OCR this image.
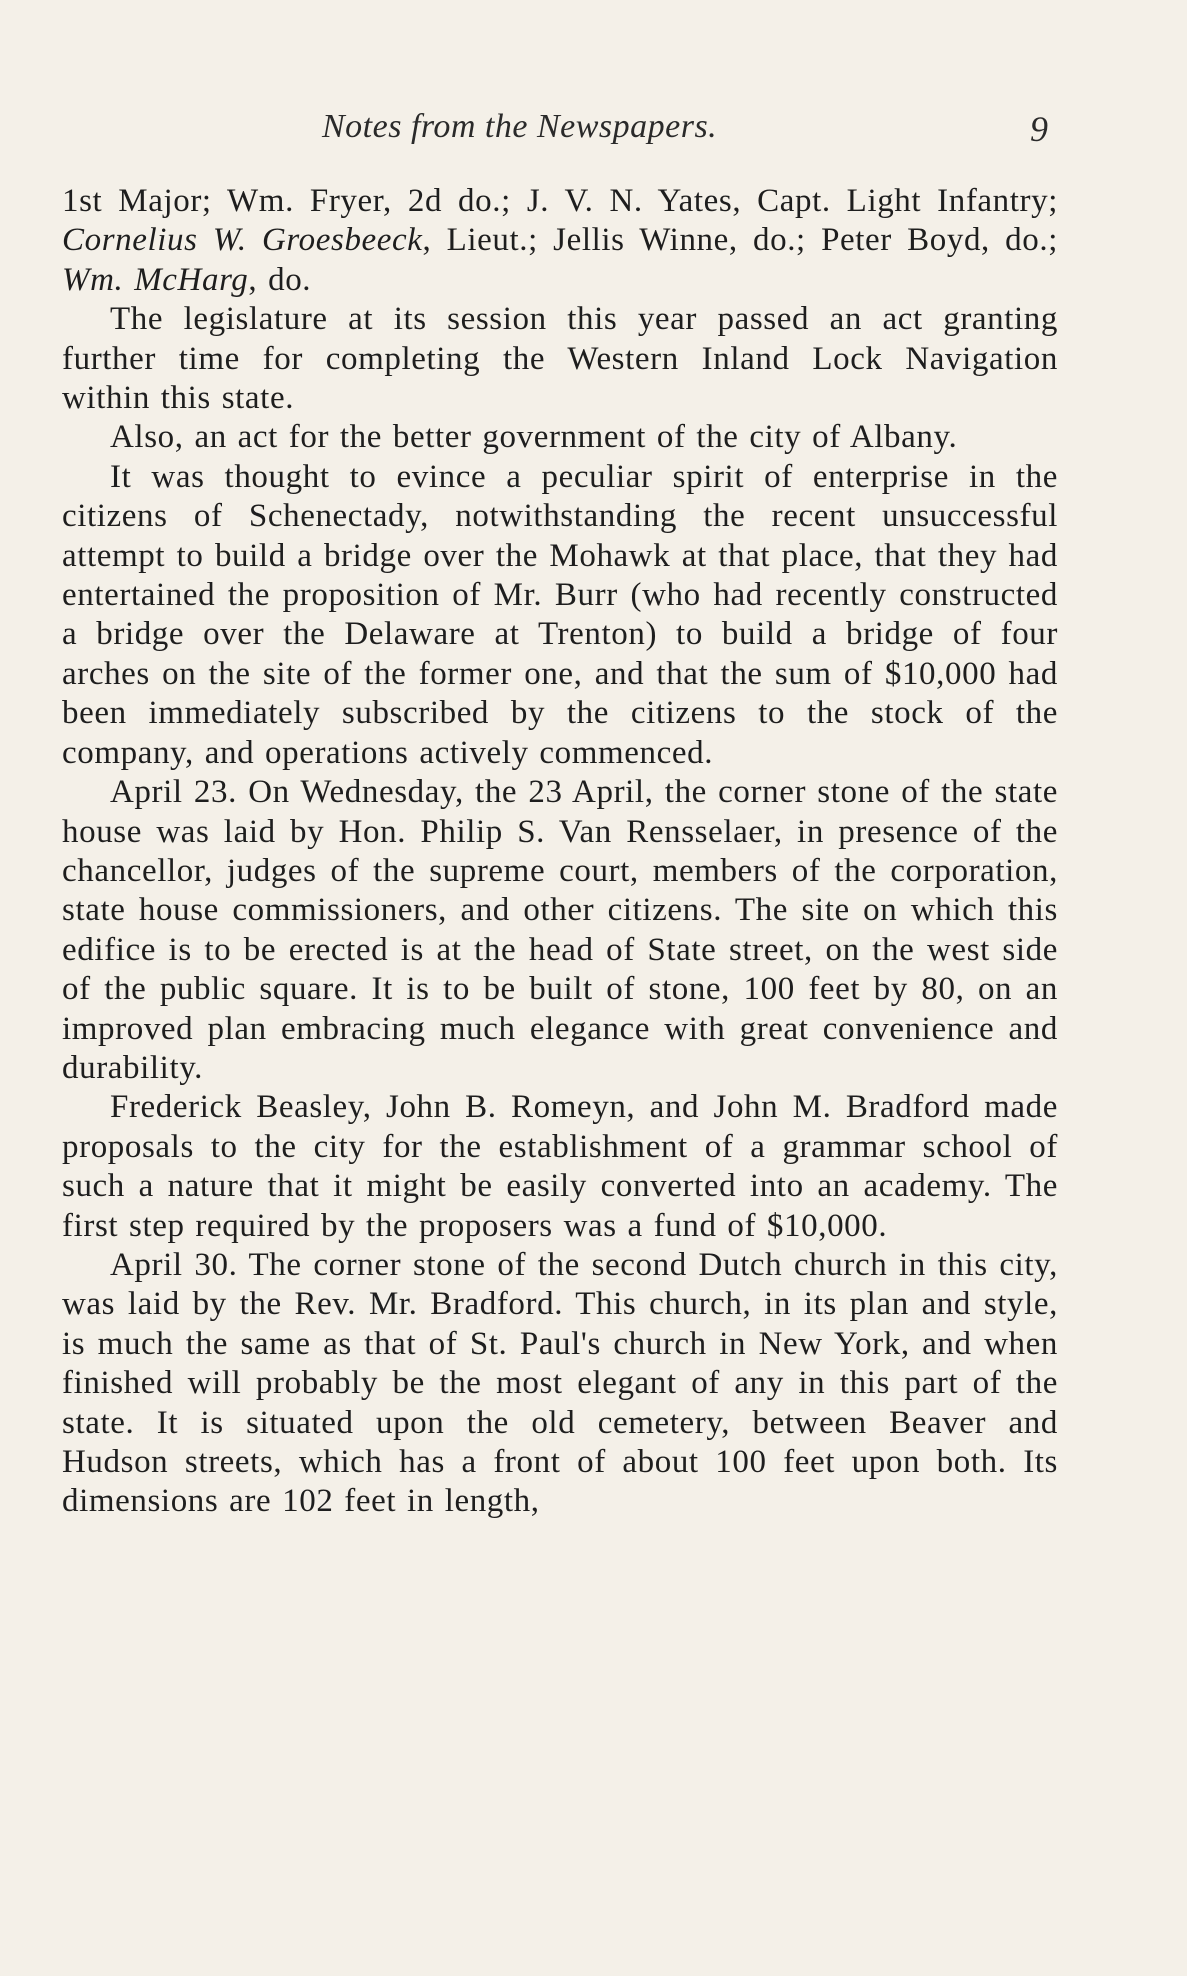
Notes from the Newspapers.	9

1st Major; Wm. Fryer, 2d do.; J. V. N. Yates, Capt. Light Infantry; Cornelius W. Groesbeeck, Lieut.; Jellis Winne, do.; Peter Boyd, do.; Wm. McHarg, do.

The legislature at its session this year passed an act granting further time for completing the Western Inland Lock Navigation within this state.

Also, an act for the better government of the city of Albany.

It was thought to evince a peculiar spirit of enterprise in the citizens of Schenectady, notwithstanding the recent unsuccessful attempt to build a bridge over the Mohawk at that place, that they had entertained the proposition of Mr. Burr (who had recently constructed a bridge over the Delaware at Trenton) to build a bridge of four arches on the site of the former one, and that the sum of $10,000 had been immediately subscribed by the citizens to the stock of the company, and operations actively commenced.

April 23. On Wednesday, the 23 April, the corner stone of the state house was laid by Hon. Philip S. Van Rensselaer, in presence of the chancellor, judges of the supreme court, members of the corporation, state house commissioners, and other citizens. The site on which this edifice is to be erected is at the head of State street, on the west side of the public square. It is to be built of stone, 100 feet by 80, on an improved plan embracing much elegance with great convenience and durability.

Frederick Beasley, John B. Romeyn, and John M. Bradford made proposals to the city for the establishment of a grammar school of such a nature that it might be easily converted into an academy. The first step required by the proposers was a fund of $10,000.

April 30. The corner stone of the second Dutch church in this city, was laid by the Rev. Mr. Bradford. This church, in its plan and style, is much the same as that of St. Paul's church in New York, and when finished will probably be the most elegant of any in this part of the state. It is situated upon the old cemetery, between Beaver and Hudson streets, which has a front of about 100 feet upon both. Its dimensions are 102 feet in length,
